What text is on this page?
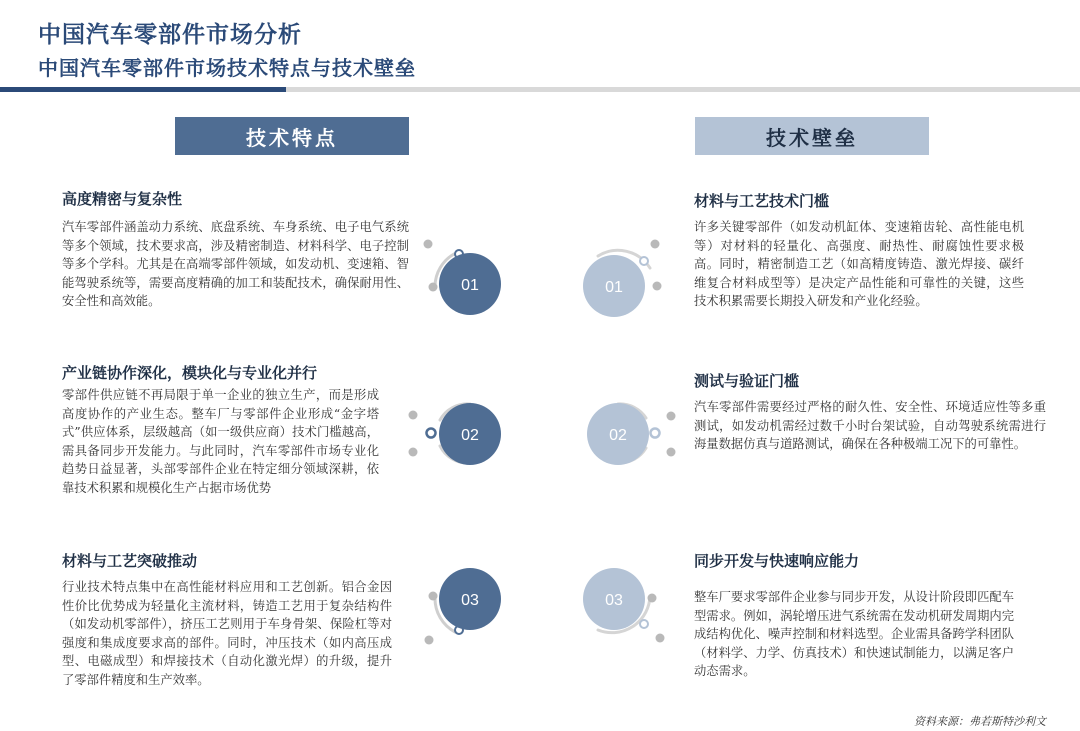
中国汽车零部件市场分析
中国汽车零部件市场技术特点与技术壁垒
技术特点	技术壁垒
高度精密与复杂性
汽车零部件涵盖动力系统、底盘系统、车身系统、电子电气系统等多个领域，技术要求高，涉及精密制造、材料科学、电子控制等多个学科。尤其是在高端零部件领域，如发动机、变速箱、智能驾驶系统等，需要高度精确的加工和装配技术，确保耐用性、安全性和高效能。
产业链协作深化，模块化与专业化并行
零部件供应链不再局限于单一企业的独立生产，而是形成高度协作的产业生态。整车厂与零部件企业形成“金字塔式”供应体系，层级越高（如一级供应商）技术门槛越高，需具备同步开发能力。与此同时，汽车零部件市场专业化趋势日益显著，头部零部件企业在特定细分领域深耕，依靠技术积累和规模化生产占据市场优势
材料与工艺突破推动
行业技术特点集中在高性能材料应用和工艺创新。铝合金因性价比优势成为轻量化主流材料，铸造工艺用于复杂结构件（如发动机零部件），挤压工艺则用于车身骨架、保险杠等对强度和集成度要求高的部件。同时，冲压技术（如内高压成型、电磁成型）和焊接技术（自动化激光焊）的升级，提升了零部件精度和生产效率。
材料与工艺技术门槛
许多关键零部件（如发动机缸体、变速箱齿轮、高性能电机等）对材料的轻量化、高强度、耐热性、耐腐蚀性要求极高。同时，精密制造工艺（如高精度铸造、激光焊接、碳纤维复合材料成型等）是决定产品性能和可靠性的关键，这些技术积累需要长期投入研发和产业化经验。
测试与验证门槛
汽车零部件需要经过严格的耐久性、安全性、环境适应性等多重测试，如发动机需经过数千小时台架试验，自动驾驶系统需进行海量数据仿真与道路测试，确保在各种极端工况下的可靠性。
同步开发与快速响应能力
整车厂要求零部件企业参与同步开发，从设计阶段即匹配车型需求。例如，涡轮增压进气系统需在发动机研发周期内完成结构优化、噪声控制和材料选型。企业需具备跨学科团队（材料学、力学、仿真技术）和快速试制能力，以满足客户动态需求。
01
02
03
01
02
03
资料来源：弗若斯特沙利文
